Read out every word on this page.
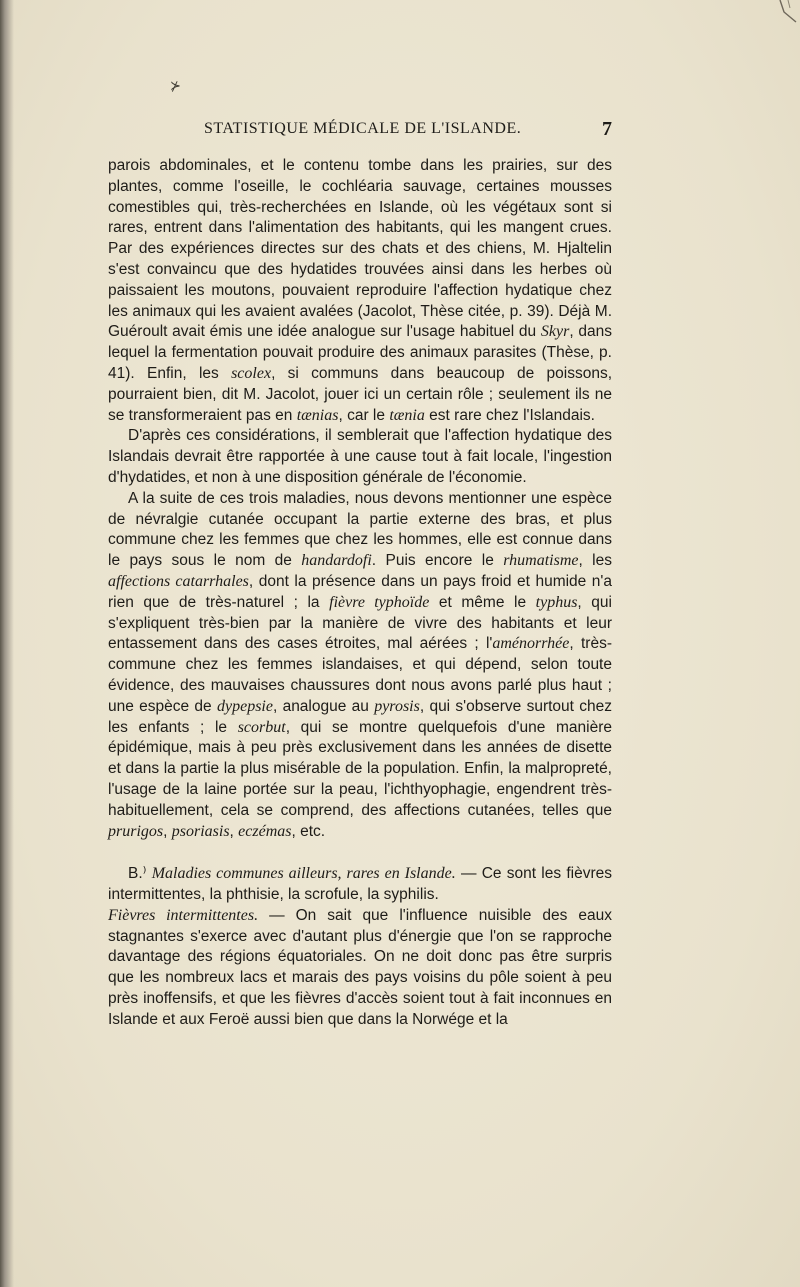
⊁
STATISTIQUE MÉDICALE DE L'ISLANDE.	7

parois abdominales, et le contenu tombe dans les prairies, sur des plantes, comme l'oseille, le cochléaria sauvage, certaines mousses comestibles qui, très-recherchées en Islande, où les végétaux sont si rares, entrent dans l'alimentation des habitants, qui les mangent crues. Par des expériences directes sur des chats et des chiens, M. Hjaltelin s'est convaincu que des hydatides trouvées ainsi dans les herbes où paissaient les moutons, pouvaient reproduire l'affection hydatique chez les animaux qui les avaient avalées (Jacolot, Thèse citée, p. 39). Déjà M. Guéroult avait émis une idée analogue sur l'usage habituel du Skyr, dans lequel la fermentation pouvait produire des animaux parasites (Thèse, p. 41). Enfin, les scolex, si communs dans beaucoup de poissons, pourraient bien, dit M. Jacolot, jouer ici un certain rôle ; seulement ils ne se transformeraient pas en tænias, car le tænia est rare chez l'Islandais.

D'après ces considérations, il semblerait que l'affection hydatique des Islandais devrait être rapportée à une cause tout à fait locale, l'ingestion d'hydatides, et non à une disposition générale de l'économie.

A la suite de ces trois maladies, nous devons mentionner une espèce de névralgie cutanée occupant la partie externe des bras, et plus commune chez les femmes que chez les hommes, elle est connue dans le pays sous le nom de handardofi. Puis encore le rhumatisme, les affections catarrhales, dont la présence dans un pays froid et humide n'a rien que de très-naturel ; la fièvre typhoïde et même le typhus, qui s'expliquent très-bien par la manière de vivre des habitants et leur entassement dans des cases étroites, mal aérées ; l'aménorrhée, très-commune chez les femmes islandaises, et qui dépend, selon toute évidence, des mauvaises chaussures dont nous avons parlé plus haut ; une espèce de dypepsie, analogue au pyrosis, qui s'observe surtout chez les enfants ; le scorbut, qui se montre quelquefois d'une manière épidémique, mais à peu près exclusivement dans les années de disette et dans la partie la plus misérable de la population. Enfin, la malpropreté, l'usage de la laine portée sur la peau, l'ichthyophagie, engendrent très-habituellement, cela se comprend, des affections cutanées, telles que prurigos, psoriasis, eczémas, etc.

B.⁾ Maladies communes ailleurs, rares en Islande. — Ce sont les fièvres intermittentes, la phthisie, la scrofule, la syphilis.

Fièvres intermittentes. — On sait que l'influence nuisible des eaux stagnantes s'exerce avec d'autant plus d'énergie que l'on se rapproche davantage des régions équatoriales. On ne doit donc pas être surpris que les nombreux lacs et marais des pays voisins du pôle soient à peu près inoffensifs, et que les fièvres d'accès soient tout à fait inconnues en Islande et aux Feroë aussi bien que dans la Norwége et la
